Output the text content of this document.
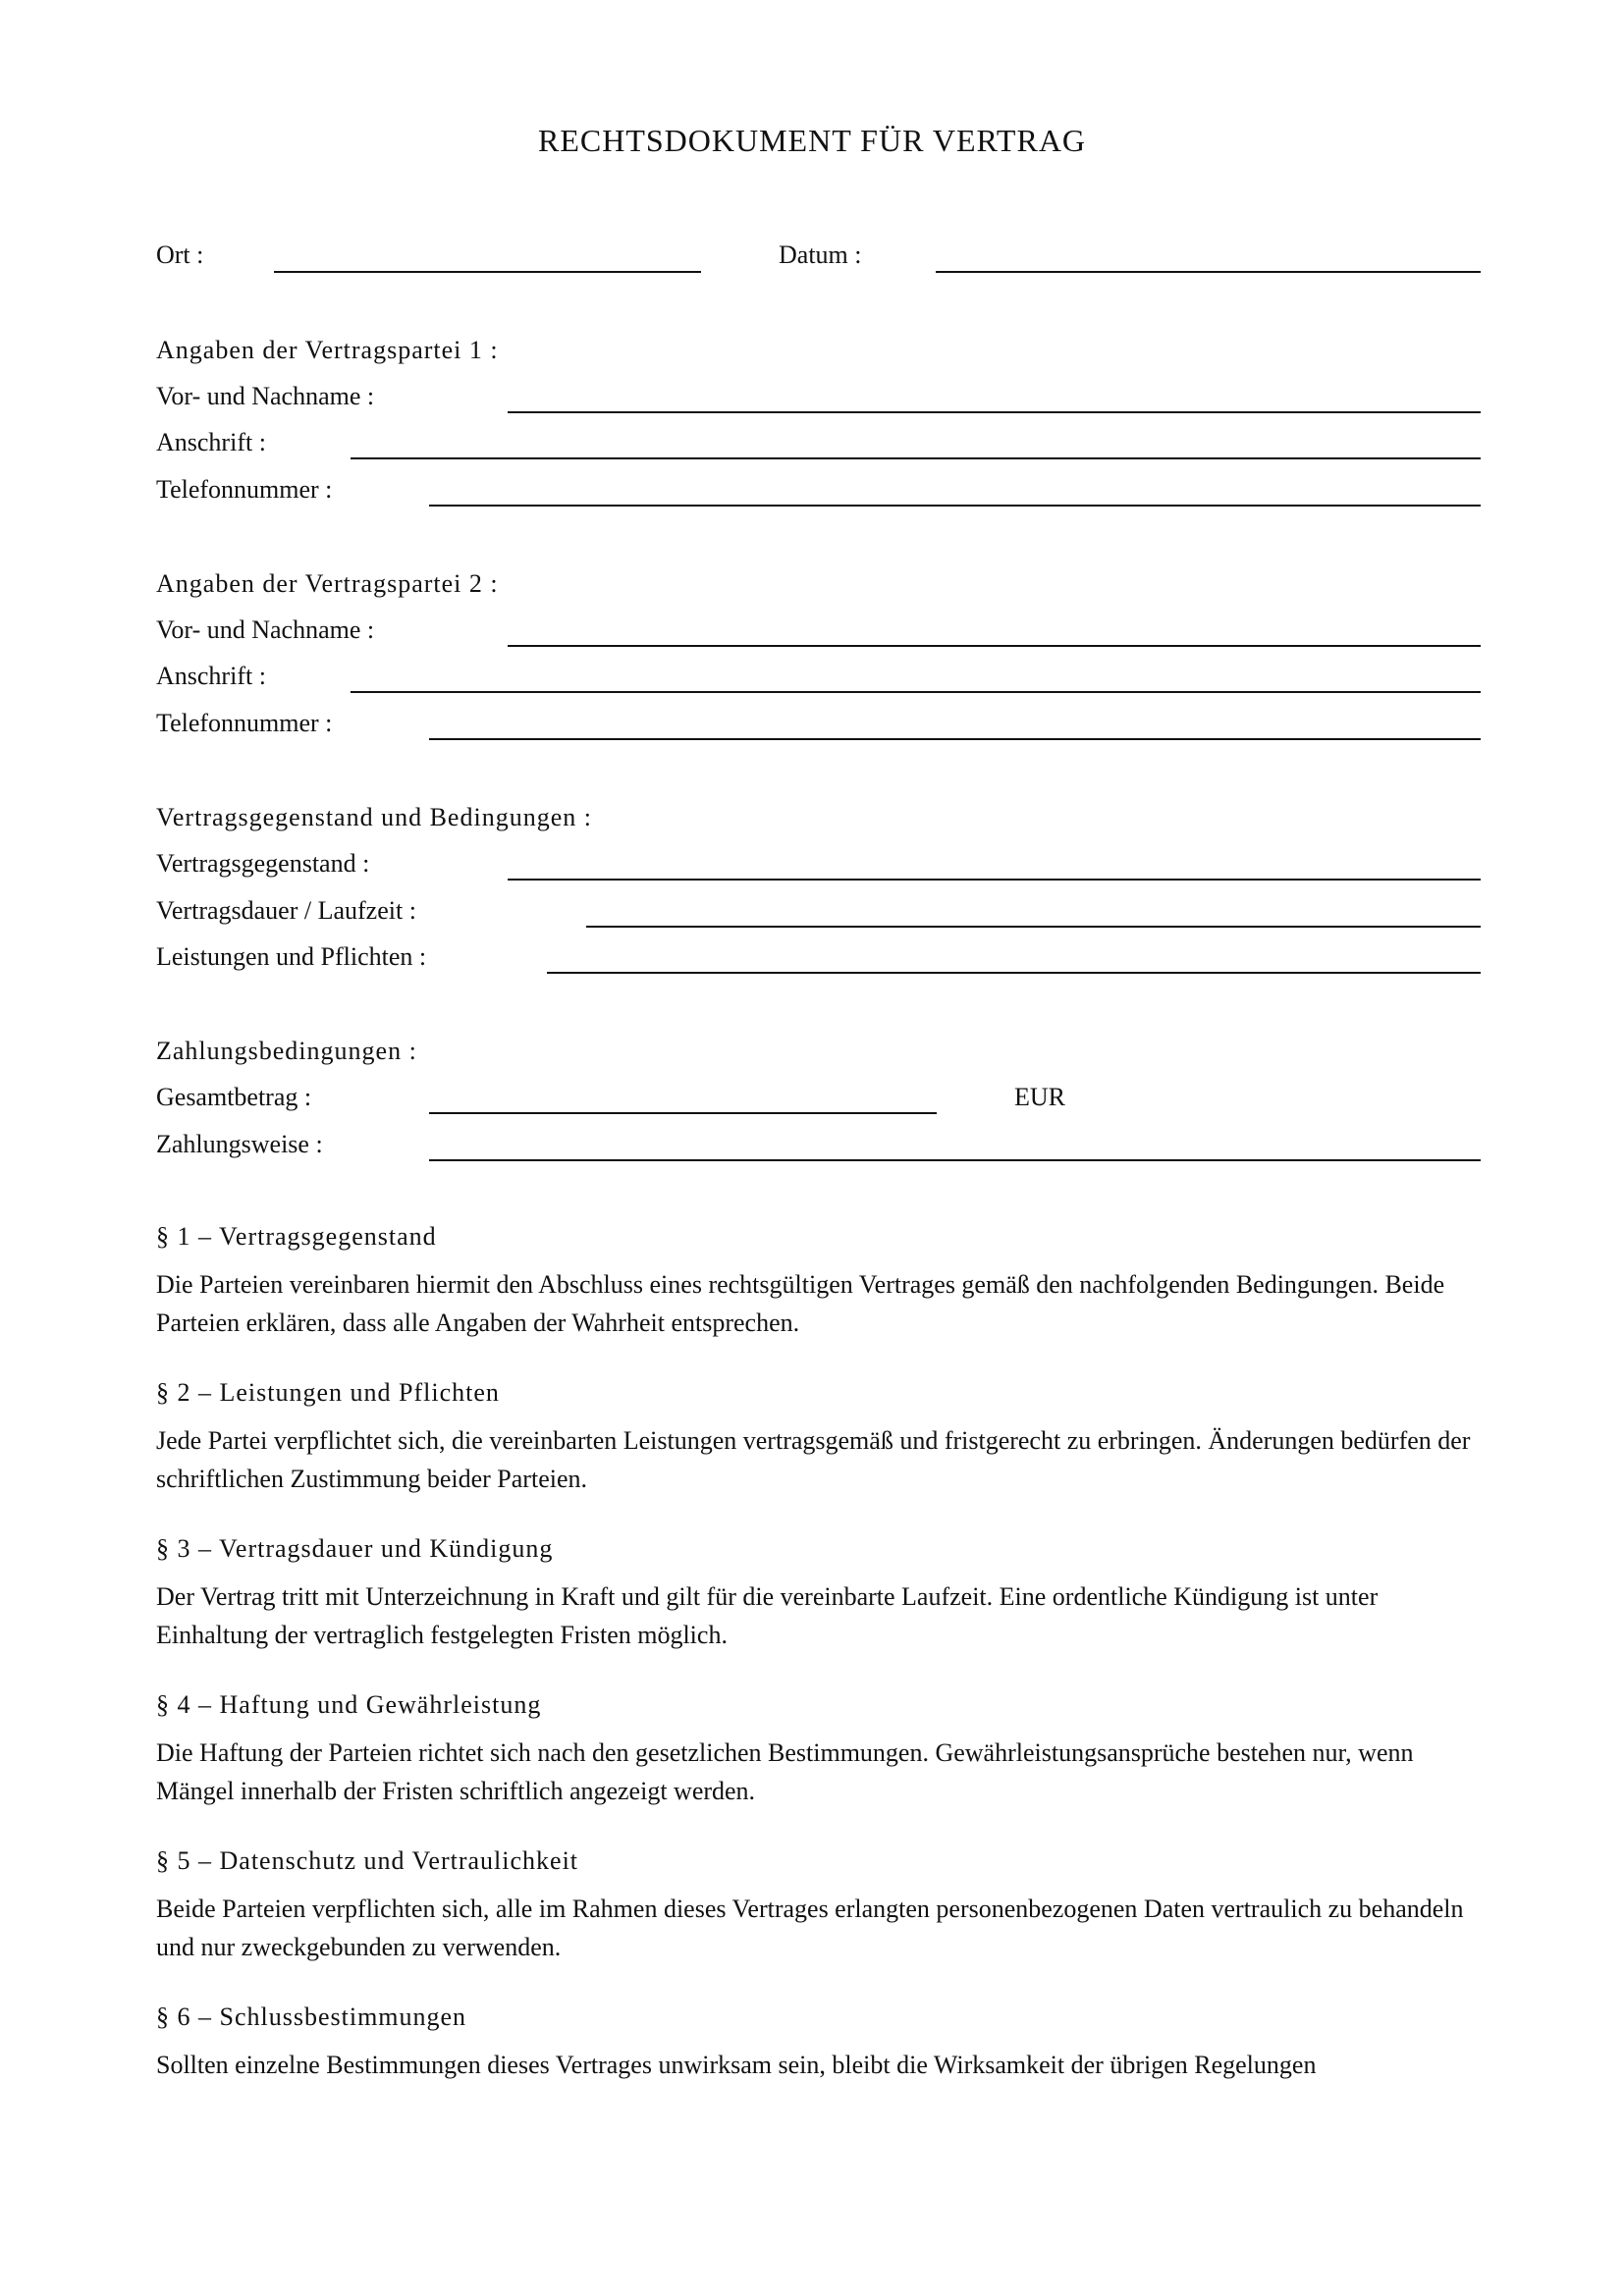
RECHTSDOKUMENT FÜR VERTRAG
Ort :	Datum :
Angaben der Vertragspartei 1 :
Vor- und Nachname :
Anschrift :
Telefonnummer :
Angaben der Vertragspartei 2 :
Vor- und Nachname :
Anschrift :
Telefonnummer :
Vertragsgegenstand und Bedingungen :
Vertragsgegenstand :
Vertragsdauer / Laufzeit :
Leistungen und Pflichten :
Zahlungsbedingungen :
Gesamtbetrag :	EUR
Zahlungsweise :
§ 1 – Vertragsgegenstand
Die Parteien vereinbaren hiermit den Abschluss eines rechtsgültigen Vertrages gemäß den nachfolgenden Bedingungen. Beide Parteien erklären, dass alle Angaben der Wahrheit entsprechen.
§ 2 – Leistungen und Pflichten
Jede Partei verpflichtet sich, die vereinbarten Leistungen vertragsgemäß und fristgerecht zu erbringen. Änderungen bedürfen der schriftlichen Zustimmung beider Parteien.
§ 3 – Vertragsdauer und Kündigung
Der Vertrag tritt mit Unterzeichnung in Kraft und gilt für die vereinbarte Laufzeit. Eine ordentliche Kündigung ist unter Einhaltung der vertraglich festgelegten Fristen möglich.
§ 4 – Haftung und Gewährleistung
Die Haftung der Parteien richtet sich nach den gesetzlichen Bestimmungen. Gewährleistungsansprüche bestehen nur, wenn Mängel innerhalb der Fristen schriftlich angezeigt werden.
§ 5 – Datenschutz und Vertraulichkeit
Beide Parteien verpflichten sich, alle im Rahmen dieses Vertrages erlangten personenbezogenen Daten vertraulich zu behandeln und nur zweckgebunden zu verwenden.
§ 6 – Schlussbestimmungen
Sollten einzelne Bestimmungen dieses Vertrages unwirksam sein, bleibt die Wirksamkeit der übrigen Regelungen
